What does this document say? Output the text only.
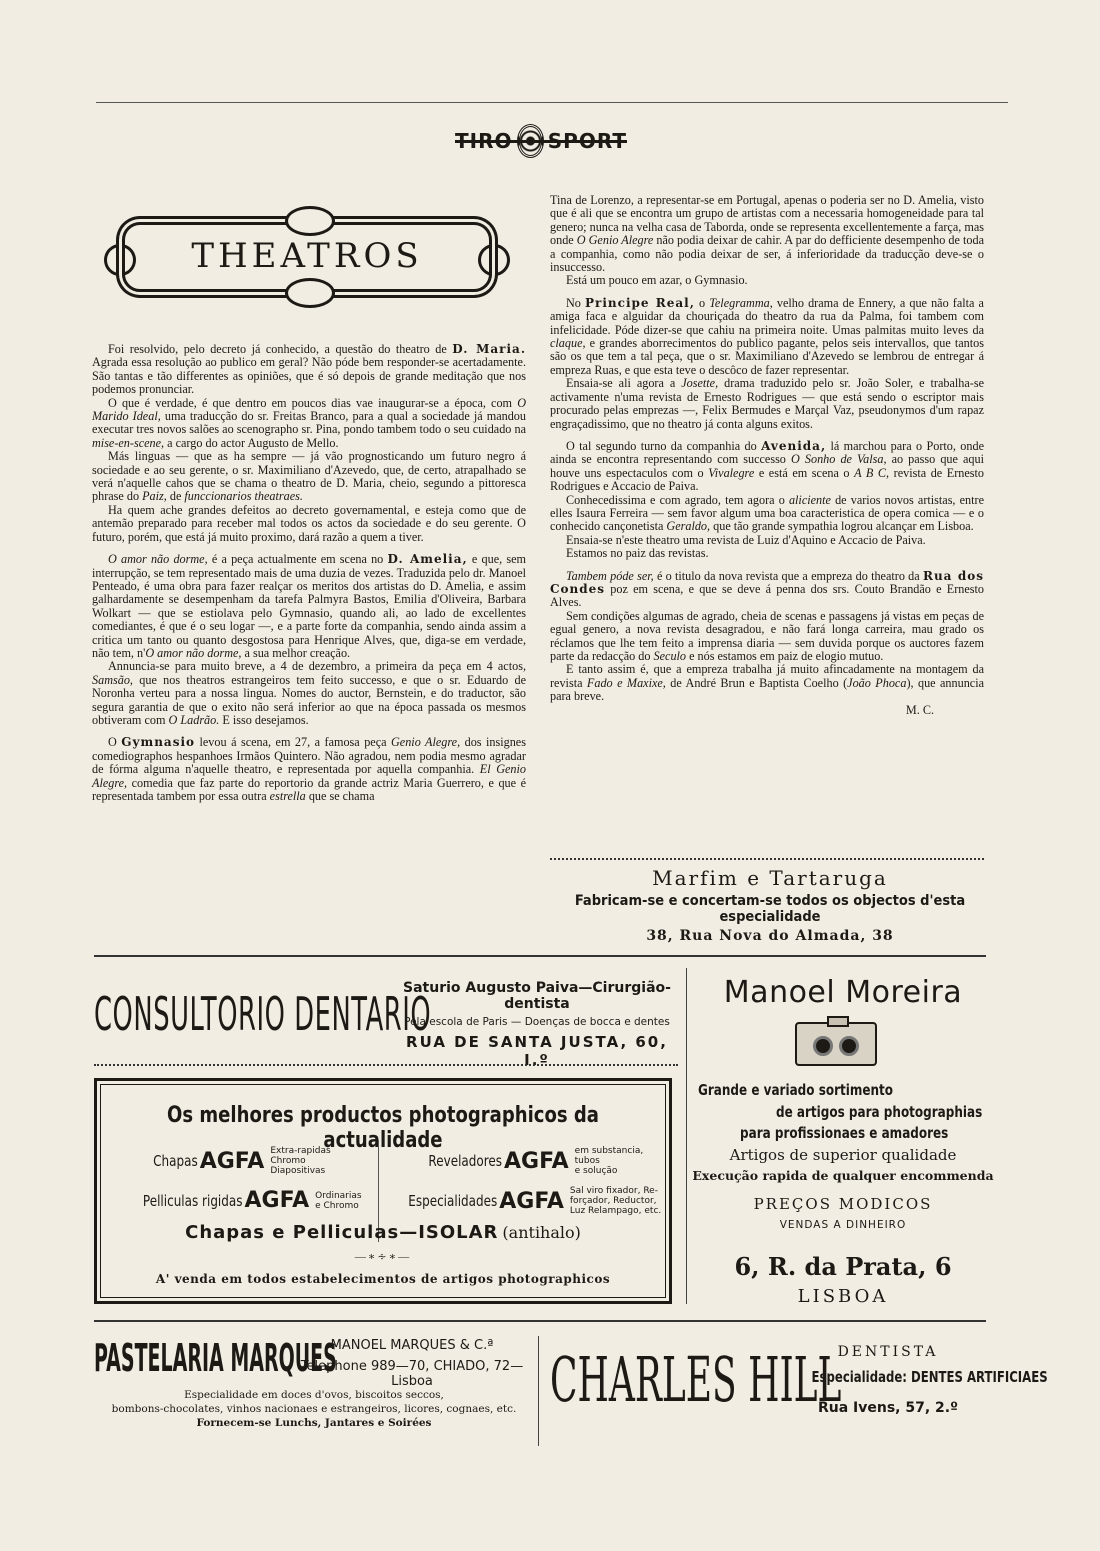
TIRO SPORT
THEATROS

Foi resolvido, pelo decreto já conhecido, a questão do theatro de D. Maria. Agrada essa resolução ao publico em geral? Não póde bem responder-se acertadamente. São tantas e tão differentes as opiniões, que é só depois de grande meditação que nos podemos pronunciar.

O que é verdade, é que dentro em poucos dias vae inaugurar-se a época, com O Marido Ideal, uma traducção do sr. Freitas Branco, para a qual a sociedade já mandou executar tres novos salões ao scenographo sr. Pina, pondo tambem todo o seu cuidado na mise-en-scene, a cargo do actor Augusto de Mello.

Más linguas — que as ha sempre — já vão prognosticando um futuro negro á sociedade e ao seu gerente, o sr. Maximiliano d'Azevedo, que, de certo, atrapalhado se verá n'aquelle cahos que se chama o theatro de D. Maria, cheio, segundo a pittoresca phrase do Paiz, de funccionarios theatraes.

Ha quem ache grandes defeitos ao decreto governamental, e esteja como que de antemão preparado para receber mal todos os actos da sociedade e do seu gerente. O futuro, porém, que está já muito proximo, dará razão a quem a tiver.

O amor não dorme, é a peça actualmente em scena no D. Amelia, e que, sem interrupção, se tem representado mais de uma duzia de vezes. Traduzida pelo dr. Manoel Penteado, é uma obra para fazer realçar os meritos dos artistas do D. Amelia, e assim galhardamente se desempenham da tarefa Palmyra Bastos, Emilia d'Oliveira, Barbara Wolkart — que se estiolava pelo Gymnasio, quando ali, ao lado de excellentes comediantes, é que é o seu logar —, e a parte forte da companhia, sendo ainda assim a critica um tanto ou quanto desgostosa para Henrique Alves, que, diga-se em verdade, não tem, n'O amor não dorme, a sua melhor creação.

Annuncia-se para muito breve, a 4 de dezembro, a primeira da peça em 4 actos, Samsão, que nos theatros estrangeiros tem feito successo, e que o sr. Eduardo de Noronha verteu para a nossa lingua. Nomes do auctor, Bernstein, e do traductor, são segura garantia de que o exito não será inferior ao que na época passada os mesmos obtiveram com O Ladrão. E isso desejamos.

O Gymnasio levou á scena, em 27, a famosa peça Genio Alegre, dos insignes comediographos hespanhoes Irmãos Quintero. Não agradou, nem podia mesmo agradar de fórma alguma n'aquelle theatro, e representada por aquella companhia. El Genio Alegre, comedia que faz parte do reportorio da grande actriz Maria Guerrero, e que é representada tambem por essa outra estrella que se chama

Tina de Lorenzo, a representar-se em Portugal, apenas o poderia ser no D. Amelia, visto que é ali que se encontra um grupo de artistas com a necessaria homogeneidade para tal genero; nunca na velha casa de Taborda, onde se representa excellentemente a farça, mas onde O Genio Alegre não podia deixar de cahir. A par do defficiente desempenho de toda a companhia, como não podia deixar de ser, á inferioridade da traducção deve-se o insuccesso.

Está um pouco em azar, o Gymnasio.

No Principe Real, o Telegramma, velho drama de Ennery, a que não falta a amiga faca e alguidar da chouriçada do theatro da rua da Palma, foi tambem com infelicidade. Póde dizer-se que cahiu na primeira noite. Umas palmitas muito leves da claque, e grandes aborrecimentos do publico pagante, pelos seis intervallos, que tantos são os que tem a tal peça, que o sr. Maximiliano d'Azevedo se lembrou de entregar á empreza Ruas, e que esta teve o descôco de fazer representar.

Ensaia-se ali agora a Josette, drama traduzido pelo sr. João Soler, e trabalha-se activamente n'uma revista de Ernesto Rodrigues — que está sendo o escriptor mais procurado pelas emprezas —, Felix Bermudes e Marçal Vaz, pseudonymos d'um rapaz engraçadissimo, que no theatro já conta alguns exitos.

O tal segundo turno da companhia do Avenida, lá marchou para o Porto, onde ainda se encontra representando com successo O Sonho de Valsa, ao passo que aqui houve uns espectaculos com o Vivalegre e está em scena o A B C, revista de Ernesto Rodrigues e Accacio de Paiva.

Conhecedissima e com agrado, tem agora o aliciente de varios novos artistas, entre elles Isaura Ferreira — sem favor algum uma boa caracteristica de opera comica — e o conhecido cançonetista Geraldo, que tão grande sympathia logrou alcançar em Lisboa.

Ensaia-se n'este theatro uma revista de Luiz d'Aquino e Accacio de Paiva.

Estamos no paiz das revistas.

Tambem póde ser, é o titulo da nova revista que a empreza do theatro da Rua dos Condes poz em scena, e que se deve á penna dos srs. Couto Brandão e Ernesto Alves.

Sem condições algumas de agrado, cheia de scenas e passagens já vistas em peças de egual genero, a nova revista desagradou, e não fará longa carreira, mau grado os réclamos que lhe tem feito a imprensa diaria — sem duvida porque os auctores fazem parte da redacção do Seculo e nós estamos em paiz de elogio mutuo.

E tanto assim é, que a empreza trabalha já muito afincadamente na montagem da revista Fado e Maxixe, de André Brun e Baptista Coelho (João Phoca), que annuncia para breve.

M. C.

Marfim e Tartaruga
Fabricam-se e concertam-se todos os objectos d'esta especialidade
38, Rua Nova do Almada, 38
CONSULTORIO DENTARIO
Saturio Augusto Paiva—Cirurgião-dentista
Pela escola de Paris — Doenças de bocca e dentes
RUA DE SANTA JUSTA, 60, I.º
Os melhores productos photographicos da actualidade
Chapas AGFA Extra-rapidas
Chromo
Diapositivas
Reveladores AGFA em substancia,
tubos
e solução
Pelliculas rigidas AGFA Ordinarias
e Chromo	Especialidades AGFA Sal viro fixador, Re-
forçador, Reductor,
Luz Relampago, etc.
Chapas e Pelliculas—ISOLAR (antihalo)
—∗∻∗—
A' venda em todos estabelecimentos de artigos photographicos
Manoel Moreira
Grande e variado sortimento
de artigos para photographias
para profissionaes e amadores
Artigos de superior qualidade
Execução rapida de qualquer encommenda
PREÇOS MODICOS
VENDAS A DINHEIRO
6, R. da Prata, 6
LISBOA
PASTELARIA MARQUES
MANOEL MARQUES & C.ª
Telephone 989—70, CHIADO, 72—Lisboa
Especialidade em doces d'ovos, biscoitos seccos,
bombons-chocolates, vinhos nacionaes e estrangeiros, licores, cognaes, etc.
Fornecem-se Lunchs, Jantares e Soirées
CHARLES HILL
DENTISTA
Especialidade: DENTES ARTIFICIAES
Rua Ivens, 57, 2.º
